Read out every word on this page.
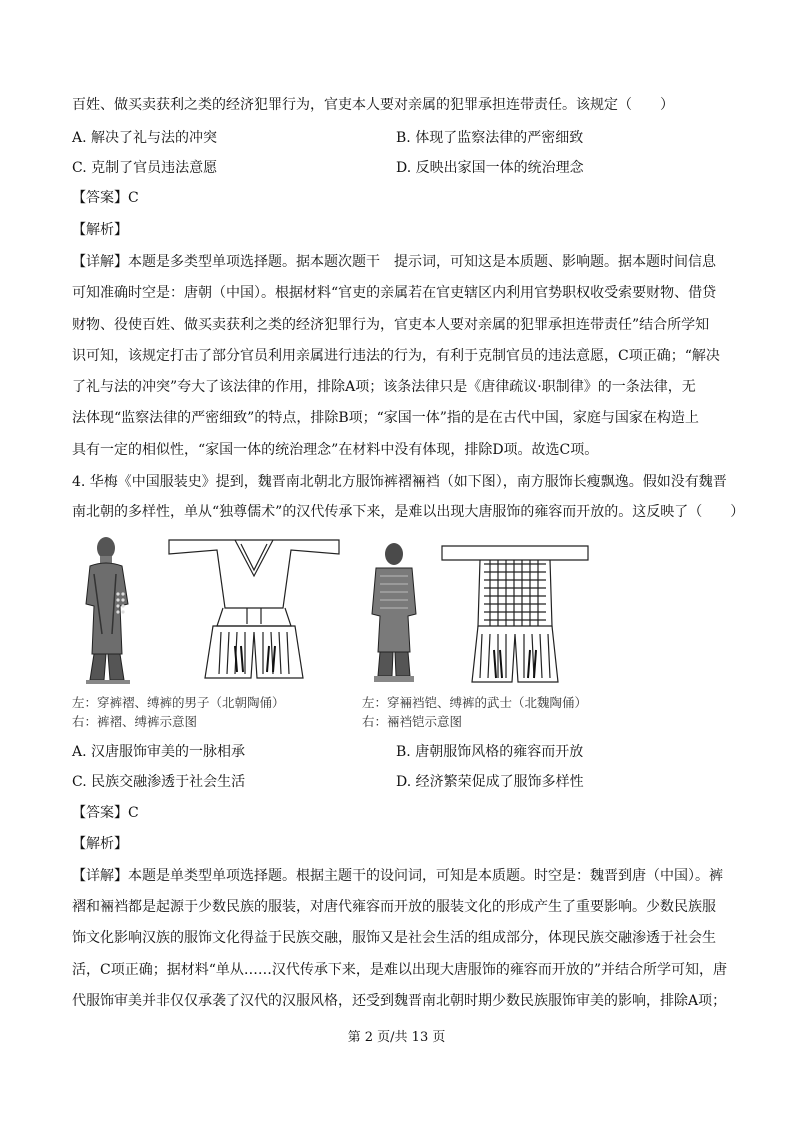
百姓、做买卖获利之类的经济犯罪行为，官吏本人要对亲属的犯罪承担连带责任。该规定（　　）
A. 解决了礼与法的冲突	B. 体现了监察法律的严密细致
C. 克制了官员违法意愿	D. 反映出家国一体的统治理念
【答案】C
【解析】
【详解】本题是多类型单项选择题。据本题次题干　提示词，可知这是本质题、影响题。据本题时间信息
可知准确时空是：唐朝（中国）。根据材料“官吏的亲属若在官吏辖区内利用官势职权收受索要财物、借贷
财物、役使百姓、做买卖获利之类的经济犯罪行为，官吏本人要对亲属的犯罪承担连带责任”结合所学知
识可知，该规定打击了部分官员利用亲属进行违法的行为，有利于克制官员的违法意愿，C项正确；“解决
了礼与法的冲突”夸大了该法律的作用，排除A项；该条法律只是《唐律疏议·职制律》的一条法律，无
法体现“监察法律的严密细致”的特点，排除B项；“家国一体”指的是在古代中国，家庭与国家在构造上
具有一定的相似性，“家国一体的统治理念”在材料中没有体现，排除D项。故选C项。
4. 华梅《中国服装史》提到，魏晋南北朝北方服饰裤褶裲裆（如下图），南方服饰长瘦飘逸。假如没有魏晋
南北朝的多样性，单从“独尊儒术”的汉代传承下来，是难以出现大唐服饰的雍容而开放的。这反映了（　　）
左：穿裤褶、缚裤的男子（北朝陶俑）
右：裤褶、缚裤示意图
左：穿裲裆铠、缚裤的武士（北魏陶俑）
右：裲裆铠示意图
A. 汉唐服饰审美的一脉相承	B. 唐朝服饰风格的雍容而开放
C. 民族交融渗透于社会生活	D. 经济繁荣促成了服饰多样性
【答案】C
【解析】
【详解】本题是单类型单项选择题。根据主题干的设问词，可知是本质题。时空是：魏晋到唐（中国）。裤
褶和裲裆都是起源于少数民族的服装，对唐代雍容而开放的服装文化的形成产生了重要影响。少数民族服
饰文化影响汉族的服饰文化得益于民族交融，服饰又是社会生活的组成部分，体现民族交融渗透于社会生
活，C项正确；据材料“单从……汉代传承下来，是难以出现大唐服饰的雍容而开放的”并结合所学可知，唐
代服饰审美并非仅仅承袭了汉代的汉服风格，还受到魏晋南北朝时期少数民族服饰审美的影响，排除A项；
第 2 页/共 13 页
